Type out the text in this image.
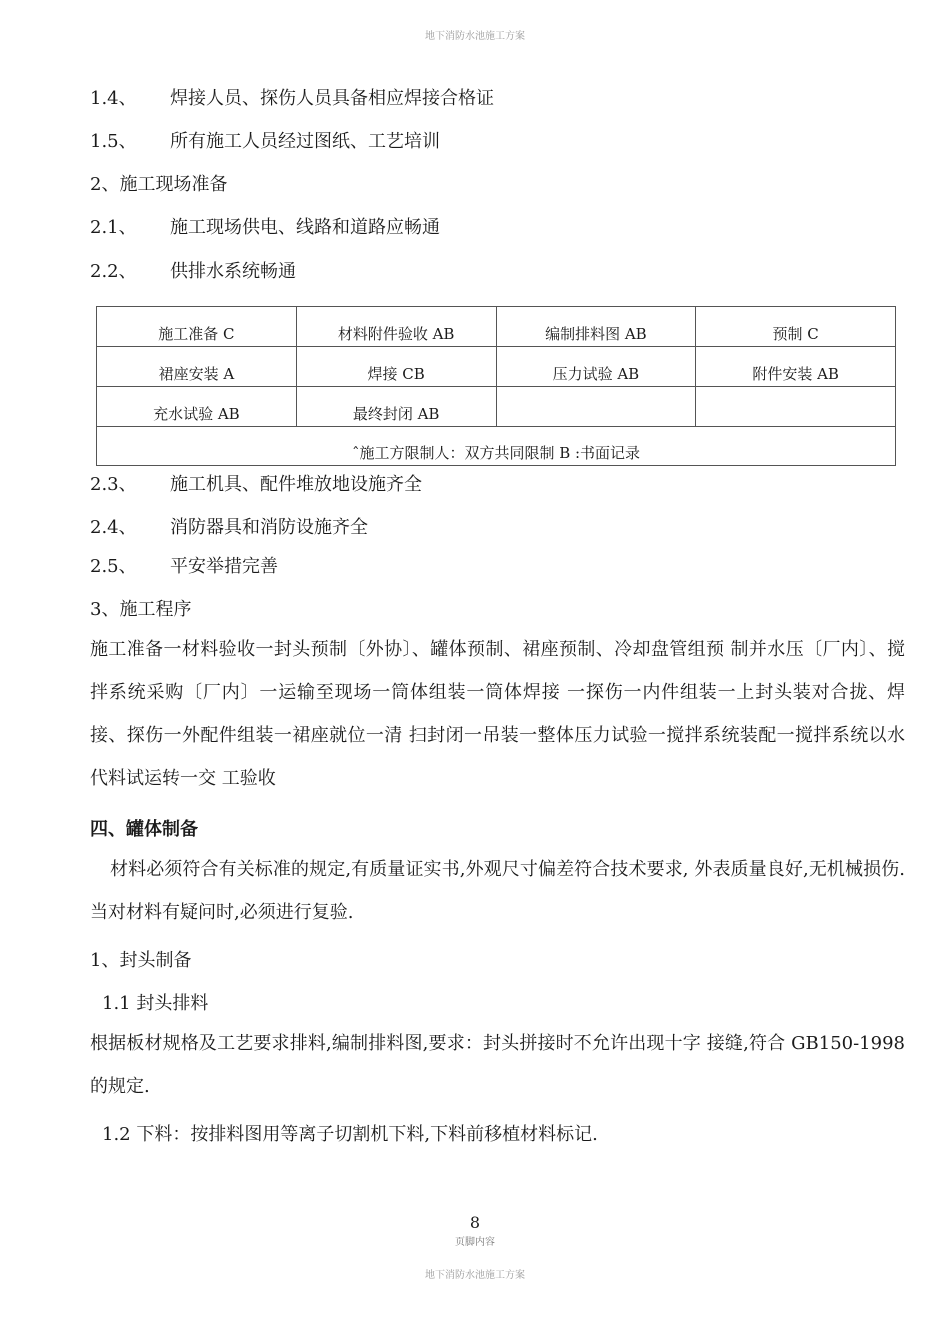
地下消防水池施工方案
1.4、 焊接人员、探伤人员具备相应焊接合格证
1.5、 所有施工人员经过图纸、工艺培训
2、施工现场准备
2.1、 施工现场供电、线路和道路应畅通
2.2、 供排水系统畅通
施工准备 C	材料附件验收 AB	编制排料图 AB	预制 C
裙座安装 A	焊接 CB	压力试验 AB	附件安装 AB
充水试验 AB	最终封闭 AB		
ˆ施工方限制人：双方共同限制 B :书面记录			
2.3、 施工机具、配件堆放地设施齐全
2.4、 消防器具和消防设施齐全
2.5、 平安举措完善
3、施工程序
施工准备一材料验收一封头预制〔外协〕、罐体预制、裙座预制、冷却盘管组预 制并水压〔厂内〕、搅拌系统采购〔厂内〕一运输至现场一筒体组装一筒体焊接 一探伤一内件组装一上封头装对合拢、焊接、探伤一外配件组装一裙座就位一清 扫封闭一吊装一整体压力试验一搅拌系统装配一搅拌系统以水代料试运转一交 工验收
四、罐体制备
材料必须符合有关标准的规定,有质量证实书,外观尺寸偏差符合技术要求, 外表质量良好,无机械损伤.当对材料有疑问时,必须进行复验.
1、封头制备
1.1 封头排料
根据板材规格及工艺要求排料,编制排料图,要求：封头拼接时不允许出现十字 接缝,符合 GB150-1998 的规定.
1.2 下料：按排料图用等离子切割机下料,下料前移植材料标记.
8
页脚内容
地下消防水池施工方案
